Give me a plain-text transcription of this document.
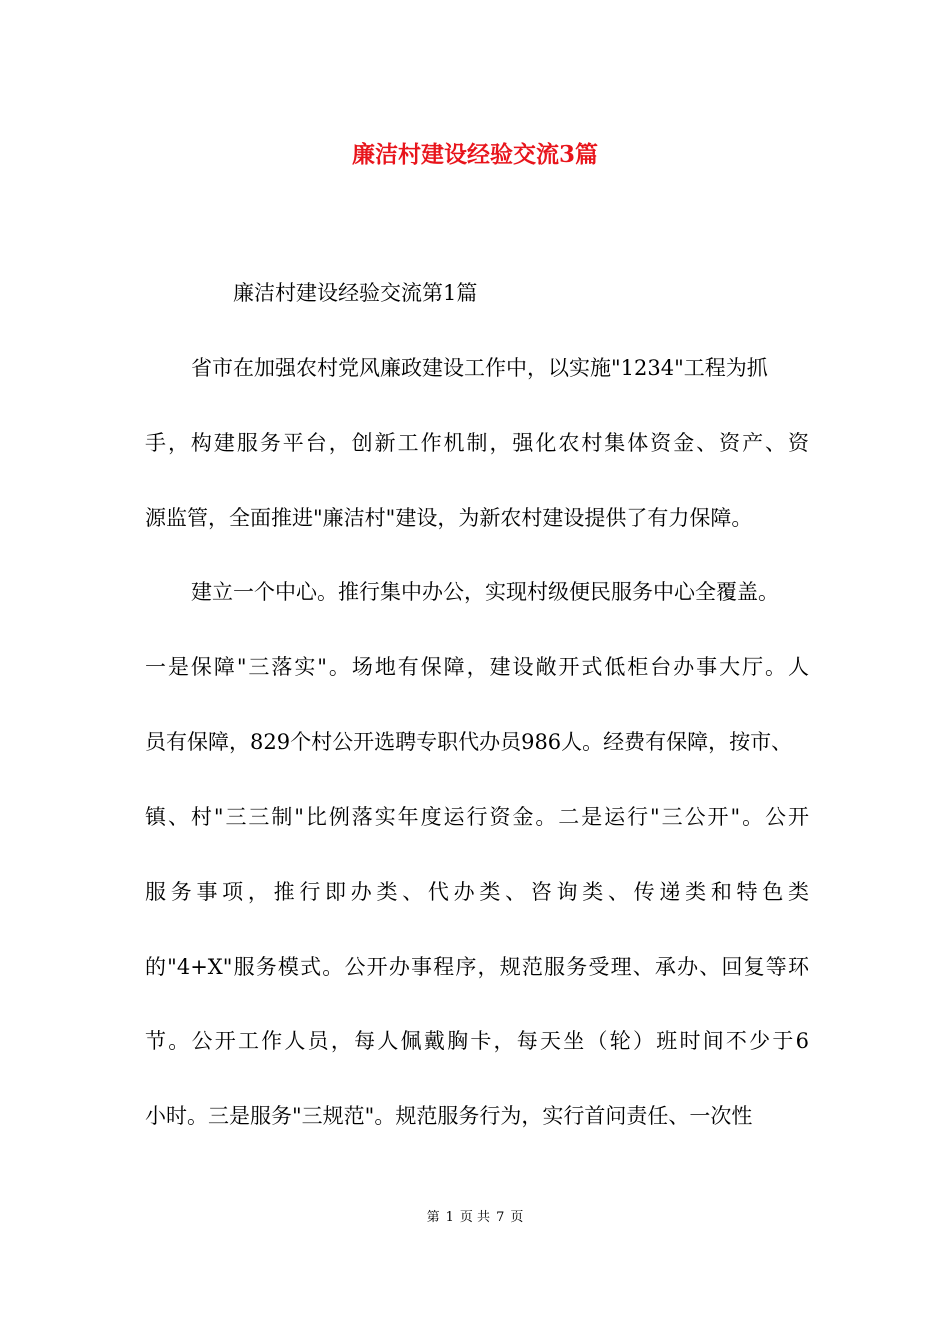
廉洁村建设经验交流3篇
廉洁村建设经验交流第1篇
省市在加强农村党风廉政建设工作中，以实施"1234"工程为抓
手，构建服务平台，创新工作机制，强化农村集体资金、资产、资
源监管，全面推进"廉洁村"建设，为新农村建设提供了有力保障。
建立一个中心。推行集中办公，实现村级便民服务中心全覆盖。
一是保障"三落实"。场地有保障，建设敞开式低柜台办事大厅。人
员有保障，829个村公开选聘专职代办员986人。经费有保障，按市、
镇、村"三三制"比例落实年度运行资金。二是运行"三公开"。公开
服务事项，推行即办类、代办类、咨询类、传递类和特色类
的"4+X"服务模式。公开办事程序，规范服务受理、承办、回复等环
节。公开工作人员，每人佩戴胸卡，每天坐（轮）班时间不少于6
小时。三是服务"三规范"。规范服务行为，实行首问责任、一次性
第 1 页 共 7 页
